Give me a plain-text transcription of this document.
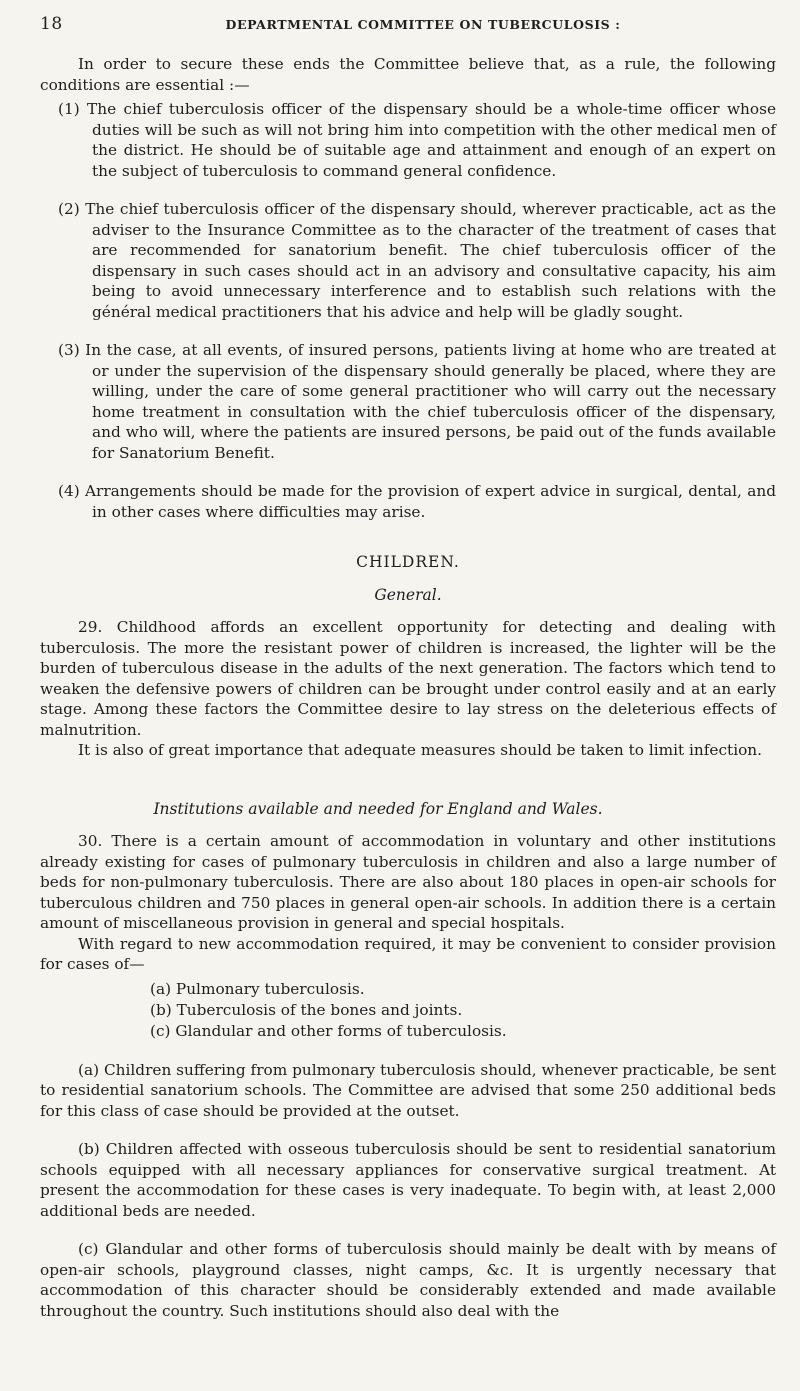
18	DEPARTMENTAL COMMITTEE ON TUBERCULOSIS :

In order to secure these ends the Committee believe that, as a rule, the following conditions are essential :—

(1) The chief tuberculosis officer of the dispensary should be a whole-time officer whose duties will be such as will not bring him into competition with the other medical men of the district. He should be of suitable age and attainment and enough of an expert on the subject of tuberculosis to command general confidence.

(2) The chief tuberculosis officer of the dispensary should, wherever practicable, act as the adviser to the Insurance Committee as to the character of the treatment of cases that are recommended for sanatorium benefit. The chief tuberculosis officer of the dispensary in such cases should act in an advisory and consultative capacity, his aim being to avoid unnecessary interference and to establish such relations with the général medical practitioners that his advice and help will be gladly sought.

(3) In the case, at all events, of insured persons, patients living at home who are treated at or under the supervision of the dispensary should generally be placed, where they are willing, under the care of some general practitioner who will carry out the necessary home treatment in consultation with the chief tuberculosis officer of the dispensary, and who will, where the patients are insured persons, be paid out of the funds available for Sanatorium Benefit.

(4) Arrangements should be made for the provision of expert advice in surgical, dental, and in other cases where difficulties may arise.

CHILDREN.

General.

29. Childhood affords an excellent opportunity for detecting and dealing with tuberculosis. The more the resistant power of children is increased, the lighter will be the burden of tuberculous disease in the adults of the next generation. The factors which tend to weaken the defensive powers of children can be brought under control easily and at an early stage. Among these factors the Committee desire to lay stress on the deleterious effects of malnutrition.

It is also of great importance that adequate measures should be taken to limit infection.

Institutions available and needed for England and Wales.

30. There is a certain amount of accommodation in voluntary and other institutions already existing for cases of pulmonary tuberculosis in children and also a large number of beds for non-pulmonary tuberculosis. There are also about 180 places in open-air schools for tuberculous children and 750 places in general open-air schools. In addition there is a certain amount of miscellaneous provision in general and special hospitals.

With regard to new accommodation required, it may be convenient to consider provision for cases of—

(a) Pulmonary tuberculosis.

(b) Tuberculosis of the bones and joints.

(c) Glandular and other forms of tuberculosis.

(a) Children suffering from pulmonary tuberculosis should, whenever practicable, be sent to residential sanatorium schools. The Committee are advised that some 250 additional beds for this class of case should be provided at the outset.

(b) Children affected with osseous tuberculosis should be sent to residential sanatorium schools equipped with all necessary appliances for conservative surgical treatment. At present the accommodation for these cases is very inadequate. To begin with, at least 2,000 additional beds are needed.

(c) Glandular and other forms of tuberculosis should mainly be dealt with by means of open-air schools, playground classes, night camps, &c. It is urgently necessary that accommodation of this character should be considerably extended and made available throughout the country. Such institutions should also deal with the
